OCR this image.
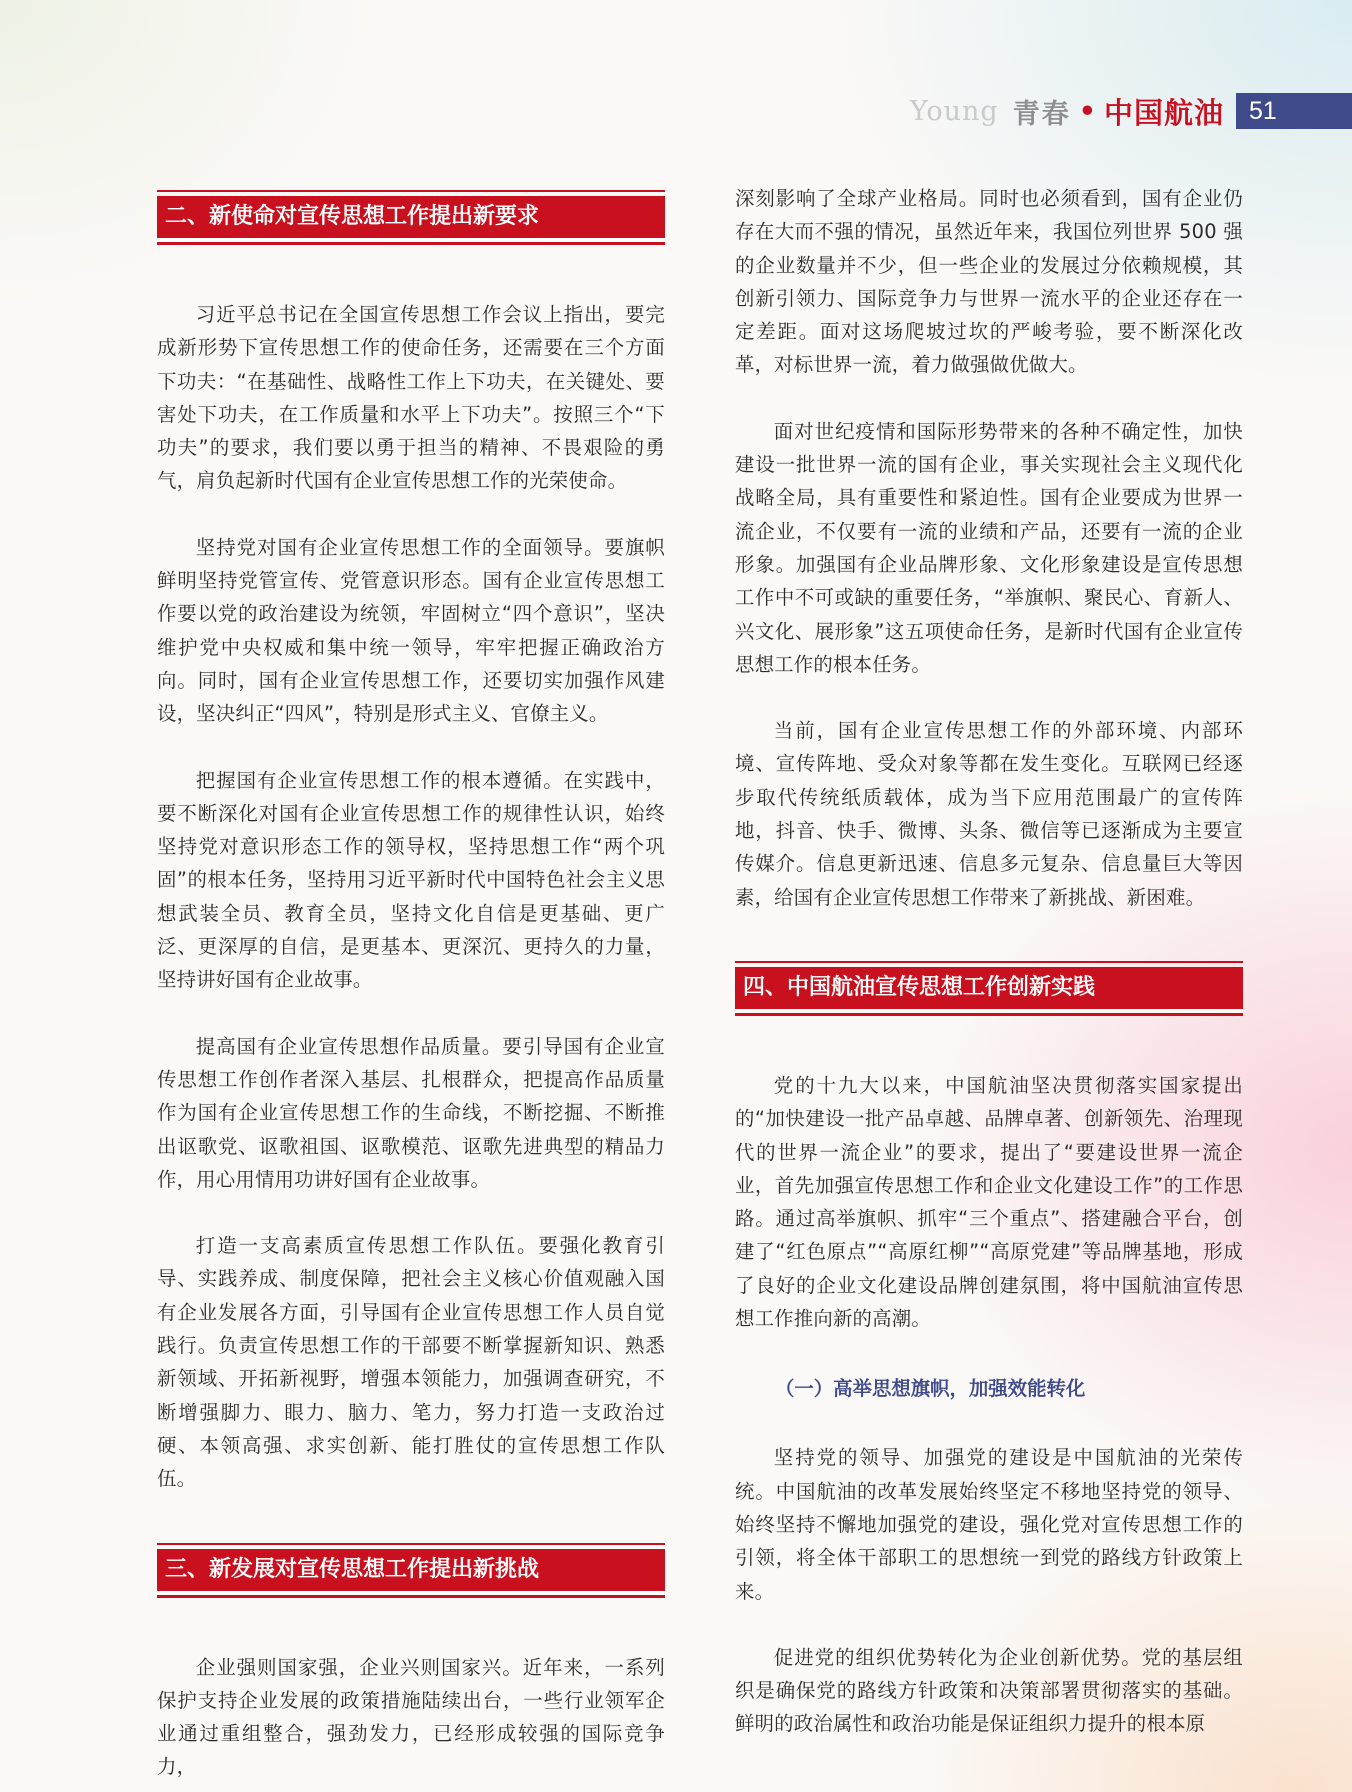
Young 青春 • 中国航油	51
二、新使命对宣传思想工作提出新要求

习近平总书记在全国宣传思想工作会议上指出，要完成新形势下宣传思想工作的使命任务，还需要在三个方面下功夫：“在基础性、战略性工作上下功夫，在关键处、要害处下功夫，在工作质量和水平上下功夫”。按照三个“下功夫”的要求，我们要以勇于担当的精神、不畏艰险的勇气，肩负起新时代国有企业宣传思想工作的光荣使命。

坚持党对国有企业宣传思想工作的全面领导。要旗帜鲜明坚持党管宣传、党管意识形态。国有企业宣传思想工作要以党的政治建设为统领，牢固树立“四个意识”，坚决维护党中央权威和集中统一领导，牢牢把握正确政治方向。同时，国有企业宣传思想工作，还要切实加强作风建设，坚决纠正“四风”，特别是形式主义、官僚主义。

把握国有企业宣传思想工作的根本遵循。在实践中，要不断深化对国有企业宣传思想工作的规律性认识，始终坚持党对意识形态工作的领导权，坚持思想工作“两个巩固”的根本任务，坚持用习近平新时代中国特色社会主义思想武装全员、教育全员，坚持文化自信是更基础、更广泛、更深厚的自信，是更基本、更深沉、更持久的力量，坚持讲好国有企业故事。

提高国有企业宣传思想作品质量。要引导国有企业宣传思想工作创作者深入基层、扎根群众，把提高作品质量作为国有企业宣传思想工作的生命线，不断挖掘、不断推出讴歌党、讴歌祖国、讴歌模范、讴歌先进典型的精品力作，用心用情用功讲好国有企业故事。

打造一支高素质宣传思想工作队伍。要强化教育引导、实践养成、制度保障，把社会主义核心价值观融入国有企业发展各方面，引导国有企业宣传思想工作人员自觉践行。负责宣传思想工作的干部要不断掌握新知识、熟悉新领域、开拓新视野，增强本领能力，加强调查研究，不断增强脚力、眼力、脑力、笔力，努力打造一支政治过硬、本领高强、求实创新、能打胜仗的宣传思想工作队伍。

三、新发展对宣传思想工作提出新挑战

企业强则国家强，企业兴则国家兴。近年来，一系列保护支持企业发展的政策措施陆续出台，一些行业领军企业通过重组整合，强劲发力，已经形成较强的国际竞争力，

深刻影响了全球产业格局。同时也必须看到，国有企业仍存在大而不强的情况，虽然近年来，我国位列世界 500 强的企业数量并不少，但一些企业的发展过分依赖规模，其创新引领力、国际竞争力与世界一流水平的企业还存在一定差距。面对这场爬坡过坎的严峻考验，要不断深化改革，对标世界一流，着力做强做优做大。

面对世纪疫情和国际形势带来的各种不确定性，加快建设一批世界一流的国有企业，事关实现社会主义现代化战略全局，具有重要性和紧迫性。国有企业要成为世界一流企业，不仅要有一流的业绩和产品，还要有一流的企业形象。加强国有企业品牌形象、文化形象建设是宣传思想工作中不可或缺的重要任务，“举旗帜、聚民心、育新人、兴文化、展形象”这五项使命任务，是新时代国有企业宣传思想工作的根本任务。

当前，国有企业宣传思想工作的外部环境、内部环境、宣传阵地、受众对象等都在发生变化。互联网已经逐步取代传统纸质载体，成为当下应用范围最广的宣传阵地，抖音、快手、微博、头条、微信等已逐渐成为主要宣传媒介。信息更新迅速、信息多元复杂、信息量巨大等因素，给国有企业宣传思想工作带来了新挑战、新困难。

四、中国航油宣传思想工作创新实践

党的十九大以来，中国航油坚决贯彻落实国家提出的“加快建设一批产品卓越、品牌卓著、创新领先、治理现代的世界一流企业”的要求，提出了“要建设世界一流企业，首先加强宣传思想工作和企业文化建设工作”的工作思路。通过高举旗帜、抓牢“三个重点”、搭建融合平台，创建了“红色原点”“高原红柳”“高原党建”等品牌基地，形成了良好的企业文化建设品牌创建氛围，将中国航油宣传思想工作推向新的高潮。

（一）高举思想旗帜，加强效能转化

坚持党的领导、加强党的建设是中国航油的光荣传统。中国航油的改革发展始终坚定不移地坚持党的领导、始终坚持不懈地加强党的建设，强化党对宣传思想工作的引领，将全体干部职工的思想统一到党的路线方针政策上来。

促进党的组织优势转化为企业创新优势。党的基层组织是确保党的路线方针政策和决策部署贯彻落实的基础。鲜明的政治属性和政治功能是保证组织力提升的根本原
